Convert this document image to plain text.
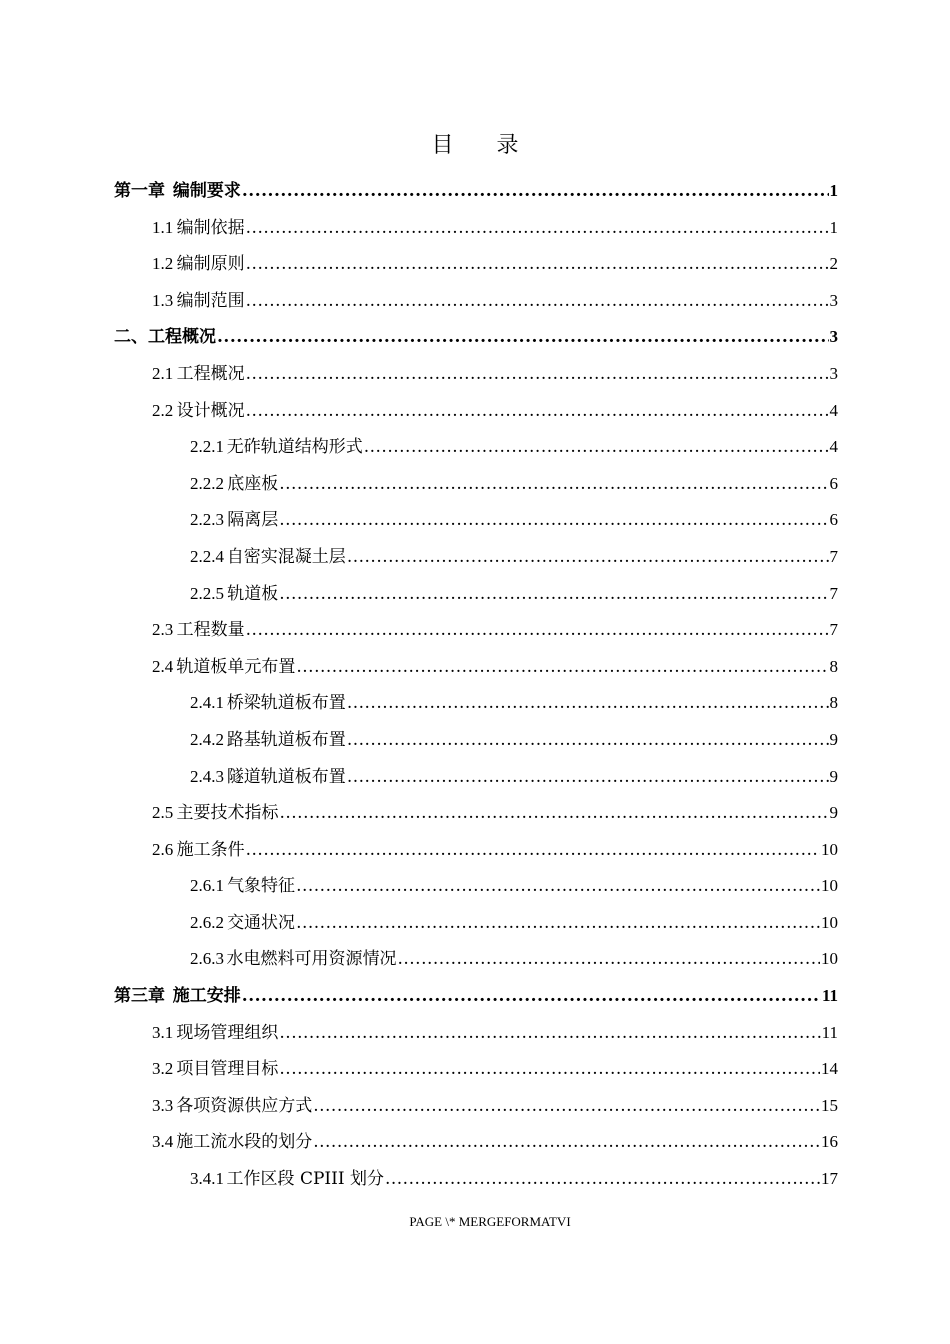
目 录
第一章 编制要求 .....	1
1.1 编制依据 .....	1
1.2 编制原则 .....	2
1.3 编制范围 .....	3
二、工程概况 .....	3
2.1 工程概况 .....	3
2.2 设计概况 .....	4
2.2.1 无砟轨道结构形式 .....	4
2.2.2 底座板 .....	6
2.2.3 隔离层 .....	6
2.2.4 自密实混凝土层 .....	7
2.2.5 轨道板 .....	7
2.3 工程数量 .....	7
2.4 轨道板单元布置 .....	8
2.4.1 桥梁轨道板布置 .....	8
2.4.2 路基轨道板布置 .....	9
2.4.3 隧道轨道板布置 .....	9
2.5 主要技术指标 .....	9
2.6 施工条件 .....	10
2.6.1 气象特征 .....	10
2.6.2 交通状况 .....	10
2.6.3 水电燃料可用资源情况 .....	10
第三章 施工安排 .....	11
3.1 现场管理组织 .....	11
3.2 项目管理目标 .....	14
3.3 各项资源供应方式 .....	15
3.4 施工流水段的划分 .....	16
3.4.1 工作区段 CPIII 划分 .....	17
PAGE \* MERGEFORMATVI
